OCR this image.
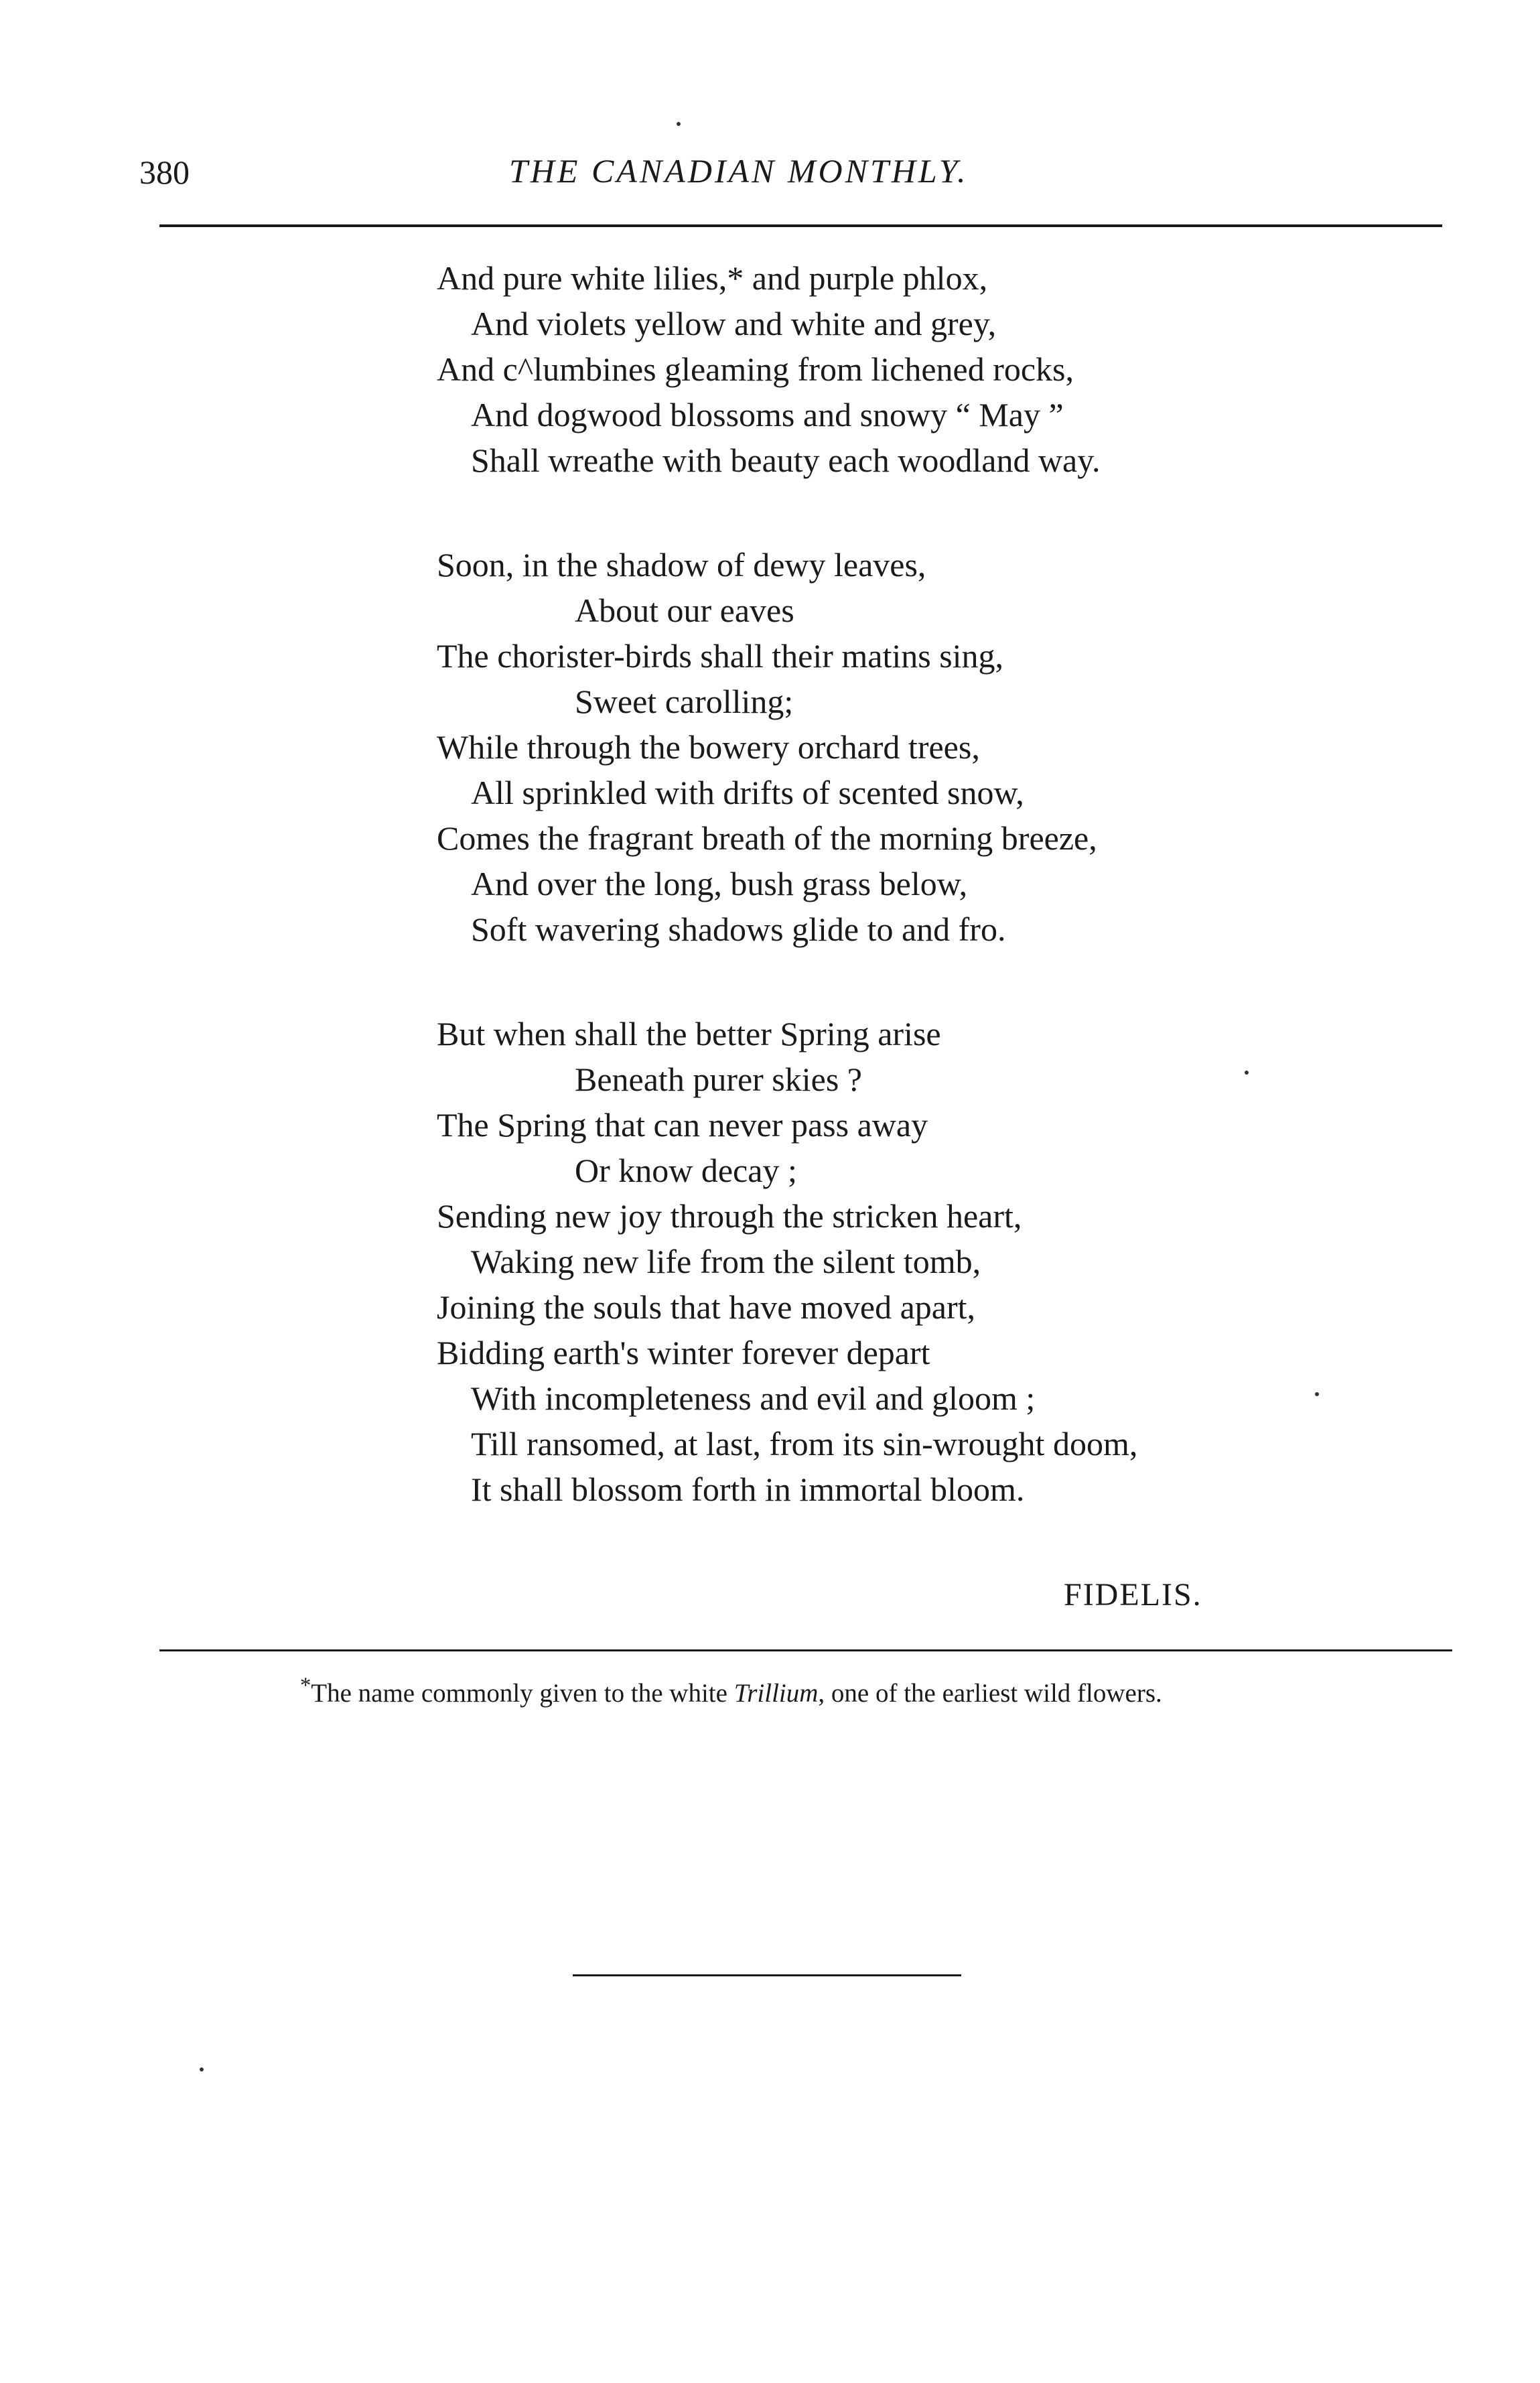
380	THE CANADIAN MONTHLY.
And pure white lilies,* and purple phlox,
And violets yellow and white and grey,
And c^lumbines gleaming from lichened rocks,
And dogwood blossoms and snowy “ May ”
Shall wreathe with beauty each woodland way.
Soon, in the shadow of dewy leaves,
About our eaves
The chorister-birds shall their matins sing,
Sweet carolling;
While through the bowery orchard trees,
All sprinkled with drifts of scented snow,
Comes the fragrant breath of the morning breeze,
And over the long, bush grass below,
Soft wavering shadows glide to and fro.
But when shall the better Spring arise
Beneath purer skies ?
The Spring that can never pass away
Or know decay ;
Sending new joy through the stricken heart,
Waking new life from the silent tomb,
Joining the souls that have moved apart,
Bidding earth's winter forever depart
With incompleteness and evil and gloom ;
Till ransomed, at last, from its sin-wrought doom,
It shall blossom forth in immortal bloom.
FIDELIS.
*The name commonly given to the white Trillium, one of the earliest wild flowers.
